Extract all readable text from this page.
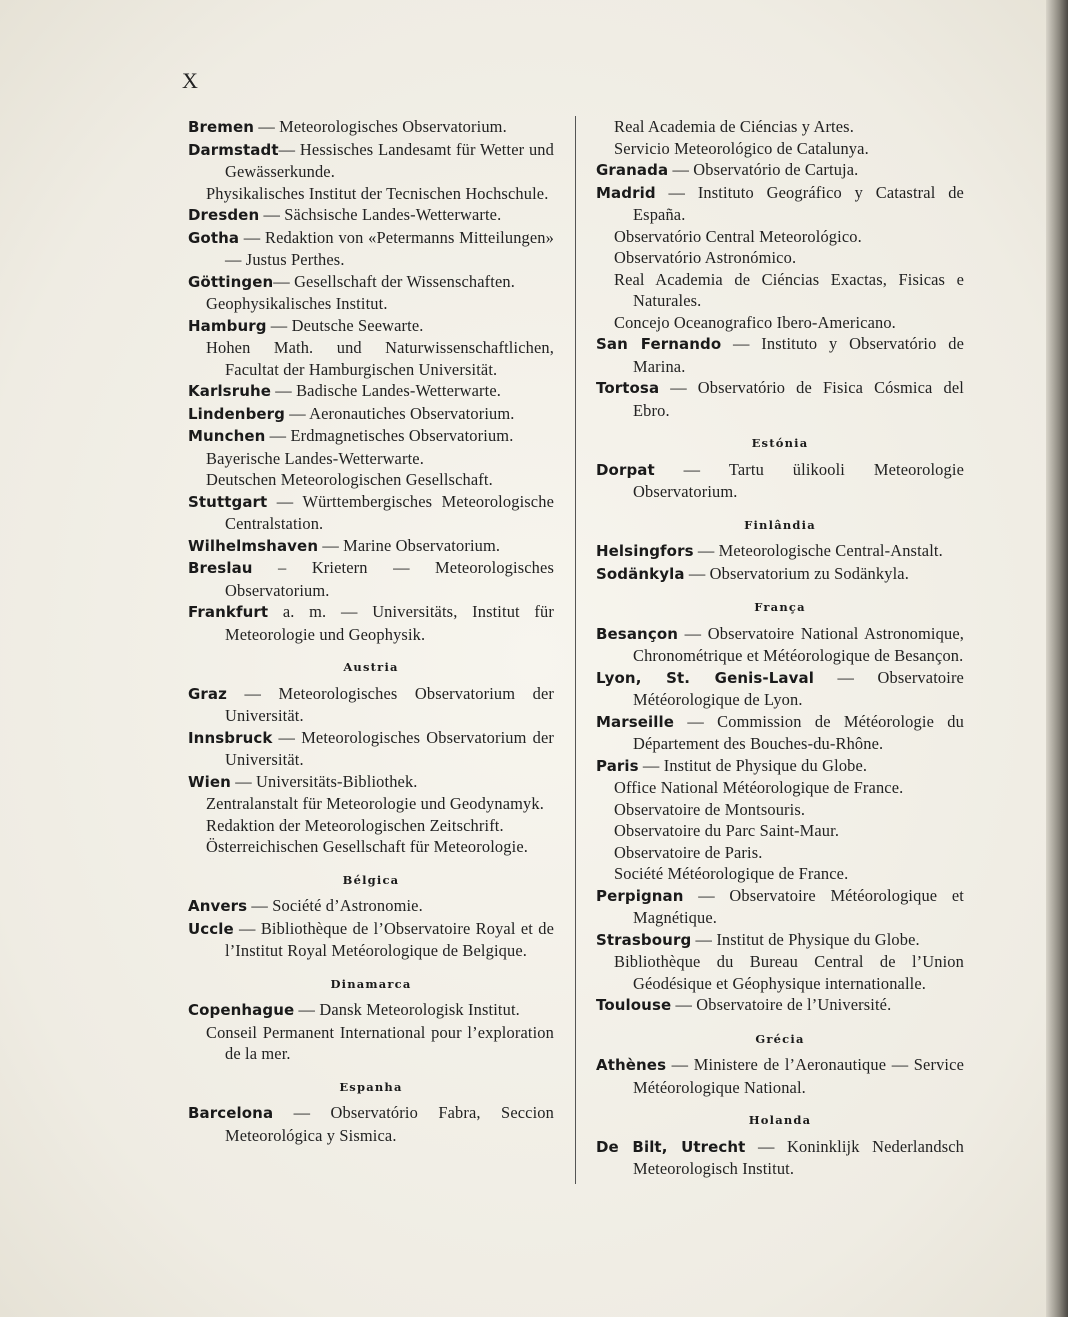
X
Bremen — Meteorologisches Observatorium.
Darmstadt— Hessisches Landesamt für Wetter und Gewässerkunde.
Physikalisches Institut der Tecnischen Hochschule.
Dresden — Sächsische Landes-Wetterwarte.
Gotha — Redaktion von «Petermanns Mitteilungen» — Justus Perthes.
Göttingen— Gesellschaft der Wissenschaften.
Geophysikalisches Institut.
Hamburg — Deutsche Seewarte.
Hohen Math. und Naturwissenschaftlichen, Facultat der Hamburgischen Universität.
Karlsruhe — Badische Landes-Wetterwarte.
Lindenberg — Aeronautiches Observatorium.
Munchen — Erdmagnetisches Observatorium.
Bayerische Landes-Wetterwarte.
Deutschen Meteorologischen Gesellschaft.
Stuttgart — Württembergisches Meteorologische Centralstation.
Wilhelmshaven — Marine Observatorium.
Breslau – Krietern — Meteorologisches Observatorium.
Frankfurt a. m. — Universitäts, Institut für Meteorologie und Geophysik.
Austria
Graz — Meteorologisches Observatorium der Universität.
Innsbruck — Meteorologisches Observatorium der Universität.
Wien — Universitäts-Bibliothek.
Zentralanstalt für Meteorologie und Geodynamyk.
Redaktion der Meteorologischen Zeitschrift.
Österreichischen Gesellschaft für Meteorologie.
Bélgica
Anvers — Société d’Astronomie.
Uccle — Bibliothèque de l’Observatoire Royal et de l’Institut Royal Metéorologique de Belgique.
Dinamarca
Copenhague — Dansk Meteorologisk Institut.
Conseil Permanent International pour l’exploration de la mer.
Espanha
Barcelona — Observatório Fabra, Seccion Meteorológica y Sismica.
Real Academia de Ciéncias y Artes.
Servicio Meteorológico de Catalunya.
Granada — Observatório de Cartuja.
Madrid — Instituto Geográfico y Catastral de España.
Observatório Central Meteorológico.
Observatório Astronómico.
Real Academia de Ciéncias Exactas, Fisicas e Naturales.
Concejo Oceanografico Ibero-Americano.
San Fernando — Instituto y Observatório de Marina.
Tortosa — Observatório de Fisica Cósmica del Ebro.
Estónia
Dorpat — Tartu ülikooli Meteorologie Observatorium.
Finlândia
Helsingfors — Meteorologische Central-Anstalt.
Sodänkyla — Observatorium zu Sodänkyla.
França
Besançon — Observatoire National Astronomique, Chronométrique et Météorologique de Besançon.
Lyon, St. Genis-Laval — Observatoire Météorologique de Lyon.
Marseille — Commission de Météorologie du Département des Bouches-du-Rhône.
Paris — Institut de Physique du Globe.
Office National Météorologique de France.
Observatoire de Montsouris.
Observatoire du Parc Saint-Maur.
Observatoire de Paris.
Société Météorologique de France.
Perpignan — Observatoire Météorologique et Magnétique.
Strasbourg — Institut de Physique du Globe.
Bibliothèque du Bureau Central de l’Union Géodésique et Géophysique internationalle.
Toulouse — Observatoire de l’Université.
Grécia
Athènes — Ministere de l’Aeronautique — Service Météorologique National.
Holanda
De Bilt, Utrecht — Koninklijk Nederlandsch Meteorologisch Institut.
